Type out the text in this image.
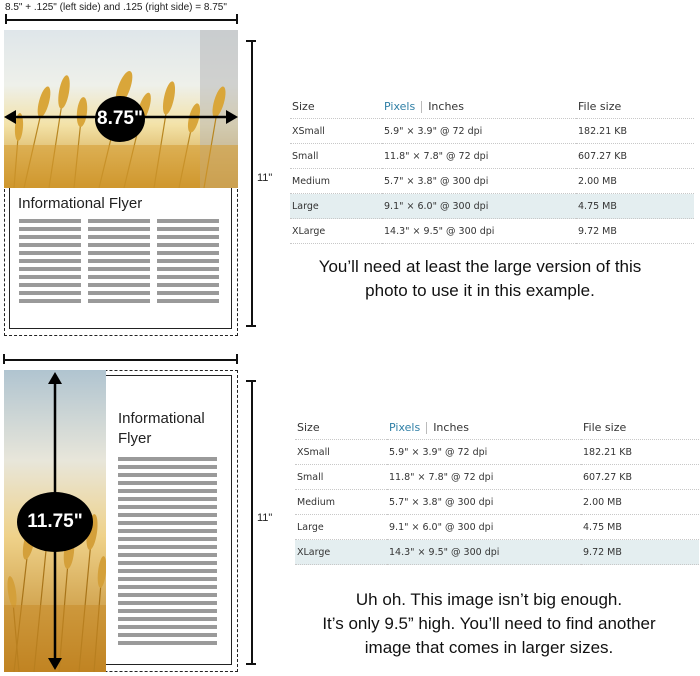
8.5" + .125" (left side) and .125 (right side) = 8.75"
8.75"
Informational Flyer
11"
Size	Pixels Inches	File size
XSmall	5.9" × 3.9" @ 72 dpi	182.21 KB
Small	11.8" × 7.8" @ 72 dpi	607.27 KB
Medium	5.7" × 3.8" @ 300 dpi	2.00 MB
Large	9.1" × 6.0" @ 300 dpi	4.75 MB
XLarge	14.3" × 9.5" @ 300 dpi	9.72 MB
You’ll need at least the large version of this
photo to use it in this example.
11.75"
Informational
Flyer
11"
Size	Pixels Inches	File size
XSmall	5.9" × 3.9" @ 72 dpi	182.21 KB
Small	11.8" × 7.8" @ 72 dpi	607.27 KB
Medium	5.7" × 3.8" @ 300 dpi	2.00 MB
Large	9.1" × 6.0" @ 300 dpi	4.75 MB
XLarge	14.3" × 9.5" @ 300 dpi	9.72 MB
Uh oh. This image isn’t big enough.
It’s only 9.5” high. You’ll need to find another
image that comes in larger sizes.
